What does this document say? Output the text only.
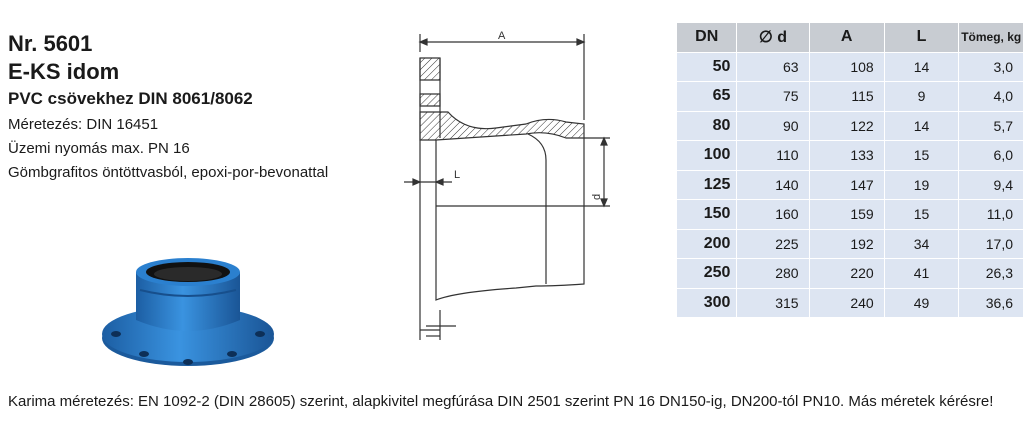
Nr. 5601
E-KS idom
PVC csövekhez DIN 8061/8062
Méretezés: DIN 16451
Üzemi nyomás max. PN 16
Gömbgrafitos öntöttvasból, epoxi-por-bevonattal
A
L
d
DN	∅ d	A	L	Tömeg, kg
50	63	108	14	3,0
65	75	115	9	4,0
80	90	122	14	5,7
100	110	133	15	6,0
125	140	147	19	9,4
150	160	159	15	11,0
200	225	192	34	17,0
250	280	220	41	26,3
300	315	240	49	36,6
Karima méretezés: EN 1092-2 (DIN 28605) szerint, alapkivitel megfúrása DIN 2501 szerint PN 16 DN150-ig, DN200-tól PN10. Más méretek kérésre!
